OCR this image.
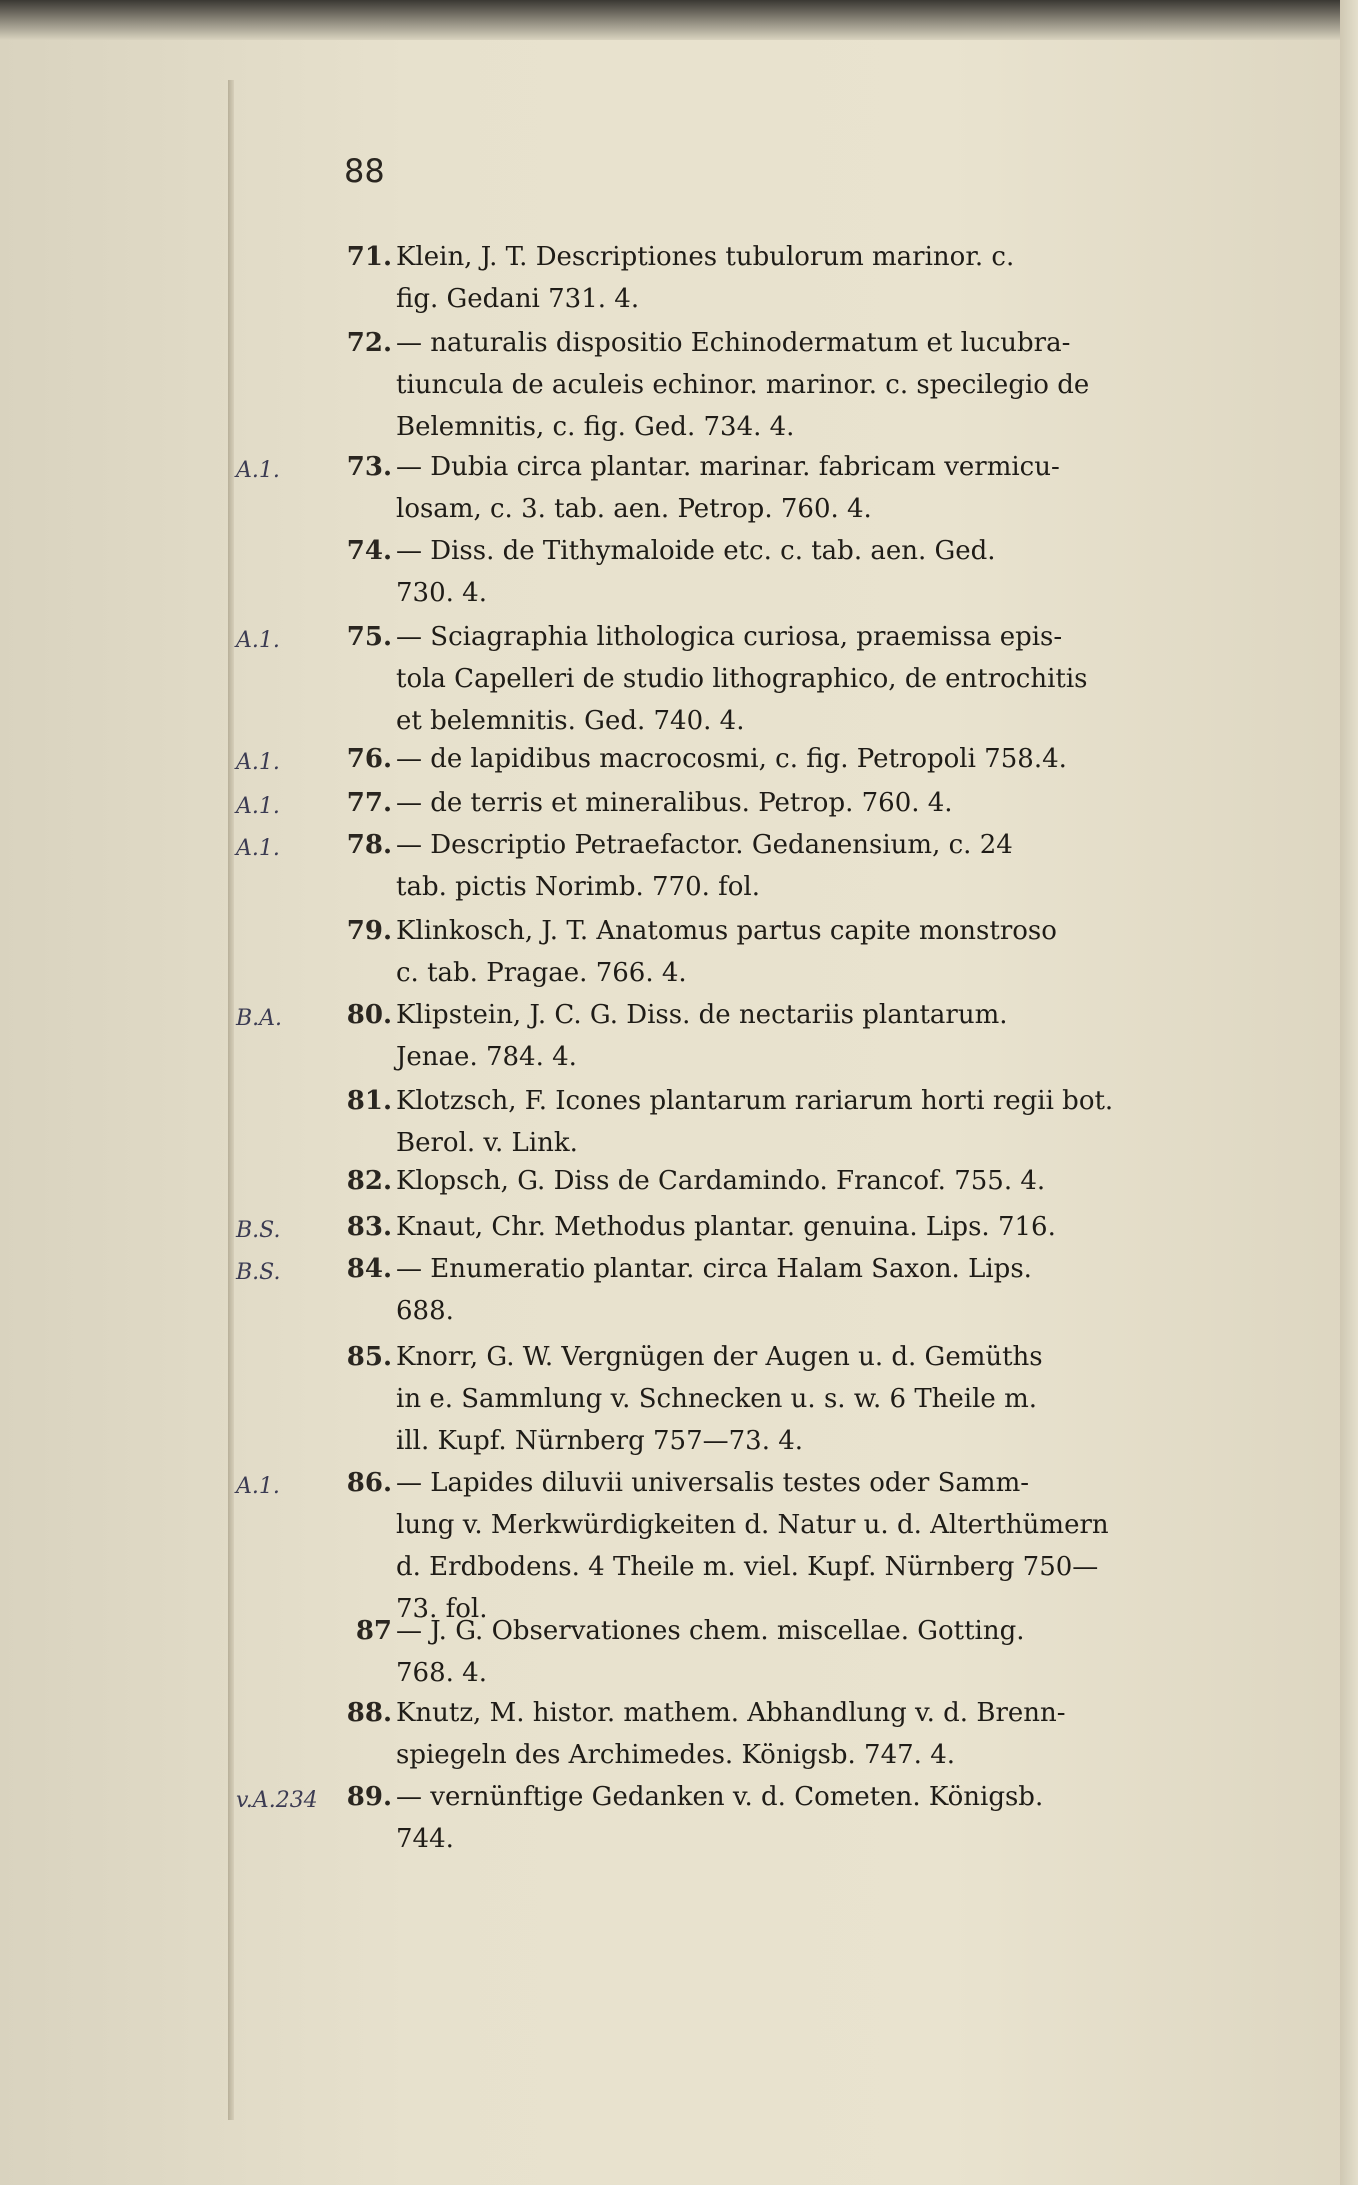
88
71. Klein, J. T. Descriptiones tubulorum marinor. c.
fig. Gedani 731. 4.
72. — naturalis dispositio Echinodermatum et lucubra-
tiuncula de aculeis echinor. marinor. c. specilegio de
Belemnitis, c. fig. Ged. 734. 4.
A.1.	73. — Dubia circa plantar. marinar. fabricam vermicu-
losam, c. 3. tab. aen. Petrop. 760. 4.
74. — Diss. de Tithymaloide etc. c. tab. aen. Ged.
730. 4.
A.1.	75. — Sciagraphia lithologica curiosa, praemissa epis-
tola Capelleri de studio lithographico, de entrochitis
et belemnitis. Ged. 740. 4.
A.1.	76. — de lapidibus macrocosmi, c. fig. Petropoli 758.4.
A.1.	77. — de terris et mineralibus. Petrop. 760. 4.
A.1.	78. — Descriptio Petraefactor. Gedanensium, c. 24
tab. pictis Norimb. 770. fol.
79. Klinkosch, J. T. Anatomus partus capite monstroso
c. tab. Pragae. 766. 4.
B.A.	80. Klipstein, J. C. G. Diss. de nectariis plantarum.
Jenae. 784. 4.
81. Klotzsch, F. Icones plantarum rariarum horti regii bot.
Berol. v. Link.
82. Klopsch, G. Diss de Cardamindo. Francof. 755. 4.
B.S.	83. Knaut, Chr. Methodus plantar. genuina. Lips. 716.
B.S.	84. — Enumeratio plantar. circa Halam Saxon. Lips.
688.
85. Knorr, G. W. Vergnügen der Augen u. d. Gemüths
in e. Sammlung v. Schnecken u. s. w. 6 Theile m.
ill. Kupf. Nürnberg 757—73. 4.
A.1.	86. — Lapides diluvii universalis testes oder Samm-
lung v. Merkwürdigkeiten d. Natur u. d. Alterthümern
d. Erdbodens. 4 Theile m. viel. Kupf. Nürnberg 750—
73. fol.
87 — J. G. Observationes chem. miscellae. Gotting.
768. 4.
88. Knutz, M. histor. mathem. Abhandlung v. d. Brenn-
spiegeln des Archimedes. Königsb. 747. 4.
v.A.234	89. — vernünftige Gedanken v. d. Cometen. Königsb.
744.
